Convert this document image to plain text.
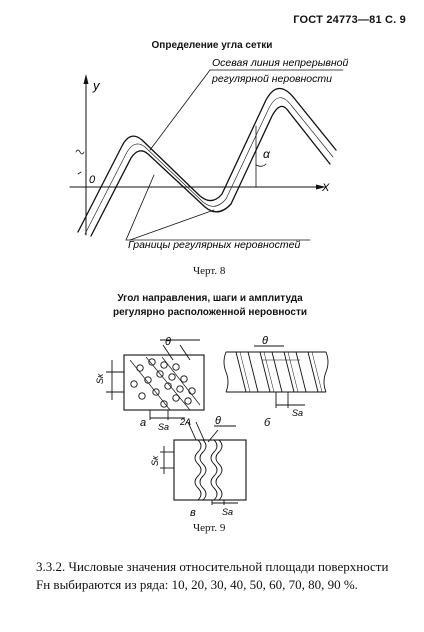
ГОСТ 24773—81 С. 9
Определение угла сетки
y
X
0
α
Осевая линия непрерывной
регулярной неровности
Границы регулярных неровностей
θ
Sк
Sа
а
θ
Sа
б
2A θ
Sк
Sа
в
Черт. 8
Угол направления, шаги и амплитуда
регулярно расположенной неровности
Черт. 9

3.3.2. Числовые значения относительной площади поверхности

Fн выбираются из ряда: 10, 20, 30, 40, 50, 60, 70, 80, 90 %.
